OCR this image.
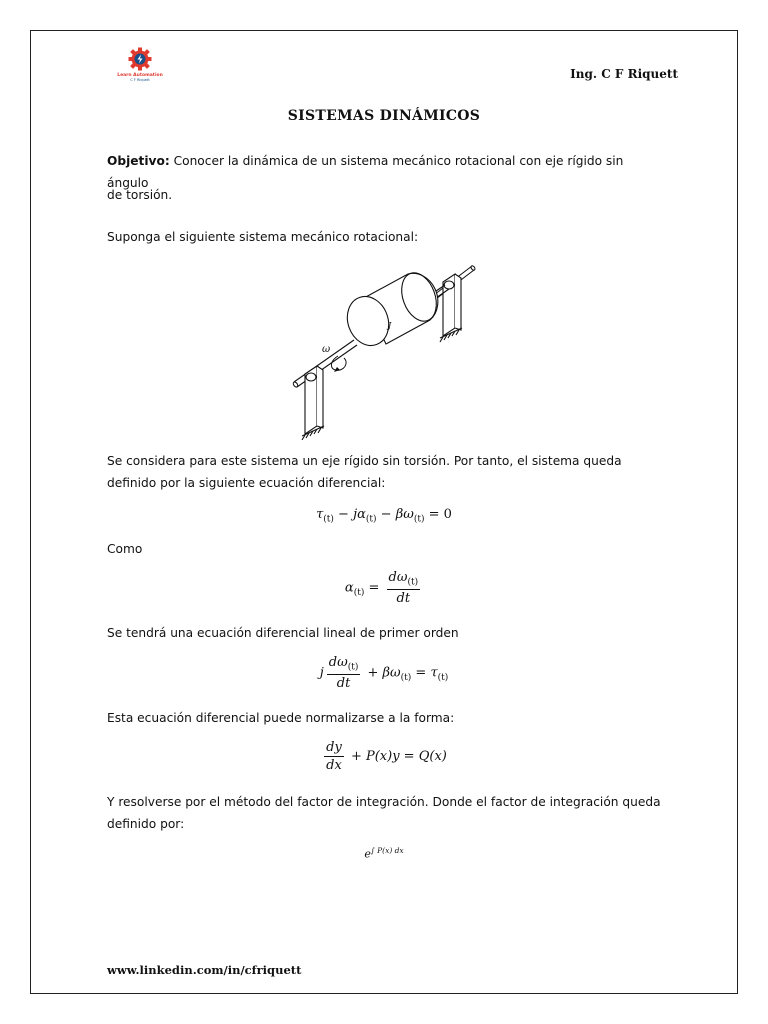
Learn Automation
C F Riquett	Ing. C F Riquett
SISTEMAS DINÁMICOS
Objetivo: Conocer la dinámica de un sistema mecánico rotacional con eje rígido sin ángulo
de torsión.
Suponga el siguiente sistema mecánico rotacional:
ω
J
Se considera para este sistema un eje rígido sin torsión. Por tanto, el sistema queda
definido por la siguiente ecuación diferencial:
$\tau_{(t)} - j\alpha_{(t)} - \beta\omega_{(t)} = 0$
Como
$\alpha_{(t)} = \frac{d\omega_{(t)}}{dt}$
Se tendrá una ecuación diferencial lineal de primer orden
j $\frac{d\omega_{(t)}}{dt} + \beta\omega_{(t)} = \tau_{(t)}$
Esta ecuación diferencial puede normalizarse a la forma:
$\frac{dy}{dx} + P(x)y = Q(x)$
Y resolverse por el método del factor de integración. Donde el factor de integración queda
definido por:
$e^{\int P(x) dx}$
www.linkedin.com/in/cfriquett
